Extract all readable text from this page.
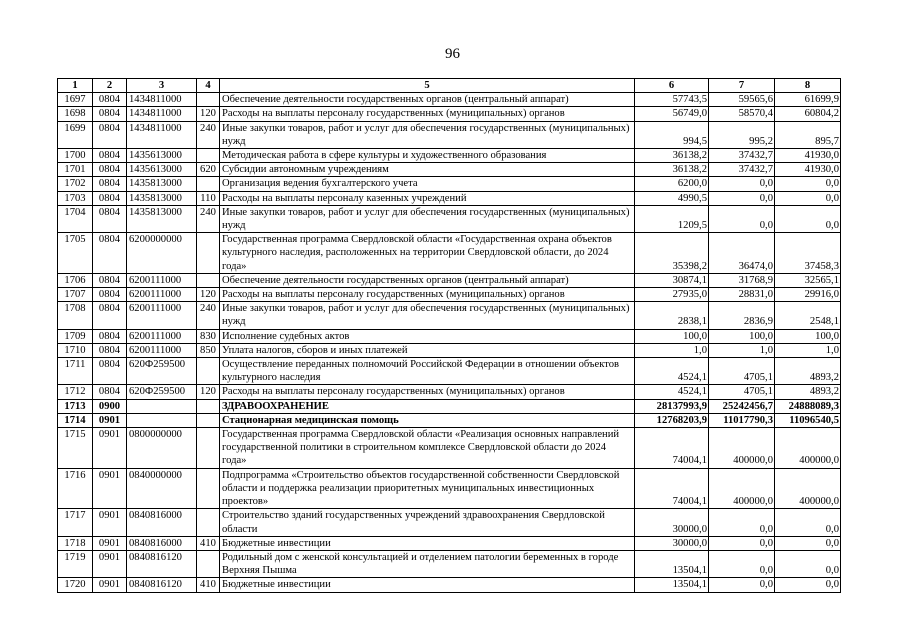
96
1	2	3	4	5	6	7	8
1697	0804	1434811000		Обеспечение деятельности государственных органов (центральный аппарат)	57743,5	59565,6	61699,9
1698	0804	1434811000	120	Расходы на выплаты персоналу государственных (муниципальных) органов	56749,0	58570,4	60804,2
1699	0804	1434811000	240	Иные закупки товаров, работ и услуг для обеспечения государственных (муниципальных) нужд	994,5	995,2	895,7
1700	0804	1435613000		Методическая работа в сфере культуры и художественного образования	36138,2	37432,7	41930,0
1701	0804	1435613000	620	Субсидии автономным учреждениям	36138,2	37432,7	41930,0
1702	0804	1435813000		Организация ведения бухгалтерского учета	6200,0	0,0	0,0
1703	0804	1435813000	110	Расходы на выплаты персоналу казенных учреждений	4990,5	0,0	0,0
1704	0804	1435813000	240	Иные закупки товаров, работ и услуг для обеспечения государственных (муниципальных) нужд	1209,5	0,0	0,0
1705	0804	6200000000		Государственная программа Свердловской области «Государственная охрана объектов культурного наследия, расположенных на территории Свердловской области, до 2024 года»	35398,2	36474,0	37458,3
1706	0804	6200111000		Обеспечение деятельности государственных органов (центральный аппарат)	30874,1	31768,9	32565,1
1707	0804	6200111000	120	Расходы на выплаты персоналу государственных (муниципальных) органов	27935,0	28831,0	29916,0
1708	0804	6200111000	240	Иные закупки товаров, работ и услуг для обеспечения государственных (муниципальных) нужд	2838,1	2836,9	2548,1
1709	0804	6200111000	830	Исполнение судебных актов	100,0	100,0	100,0
1710	0804	6200111000	850	Уплата налогов, сборов и иных платежей	1,0	1,0	1,0
1711	0804	620Ф259500		Осуществление переданных полномочий Российской Федерации в отношении объектов культурного наследия	4524,1	4705,1	4893,2
1712	0804	620Ф259500	120	Расходы на выплаты персоналу государственных (муниципальных) органов	4524,1	4705,1	4893,2
1713	0900			ЗДРАВООХРАНЕНИЕ	28137993,9	25242456,7	24888089,3
1714	0901			Стационарная медицинская помощь	12768203,9	11017790,3	11096540,5
1715	0901	0800000000		Государственная программа Свердловской области «Реализация основных направлений государственной политики в строительном комплексе Свердловской области до 2024 года»	74004,1	400000,0	400000,0
1716	0901	0840000000		Подпрограмма «Строительство объектов государственной собственности Свердловской области и поддержка реализации приоритетных муниципальных инвестиционных проектов»	74004,1	400000,0	400000,0
1717	0901	0840816000		Строительство зданий государственных учреждений здравоохранения Свердловской области	30000,0	0,0	0,0
1718	0901	0840816000	410	Бюджетные инвестиции	30000,0	0,0	0,0
1719	0901	0840816120		Родильный дом с женской консультацией и отделением патологии беременных в городе Верхняя Пышма	13504,1	0,0	0,0
1720	0901	0840816120	410	Бюджетные инвестиции	13504,1	0,0	0,0
